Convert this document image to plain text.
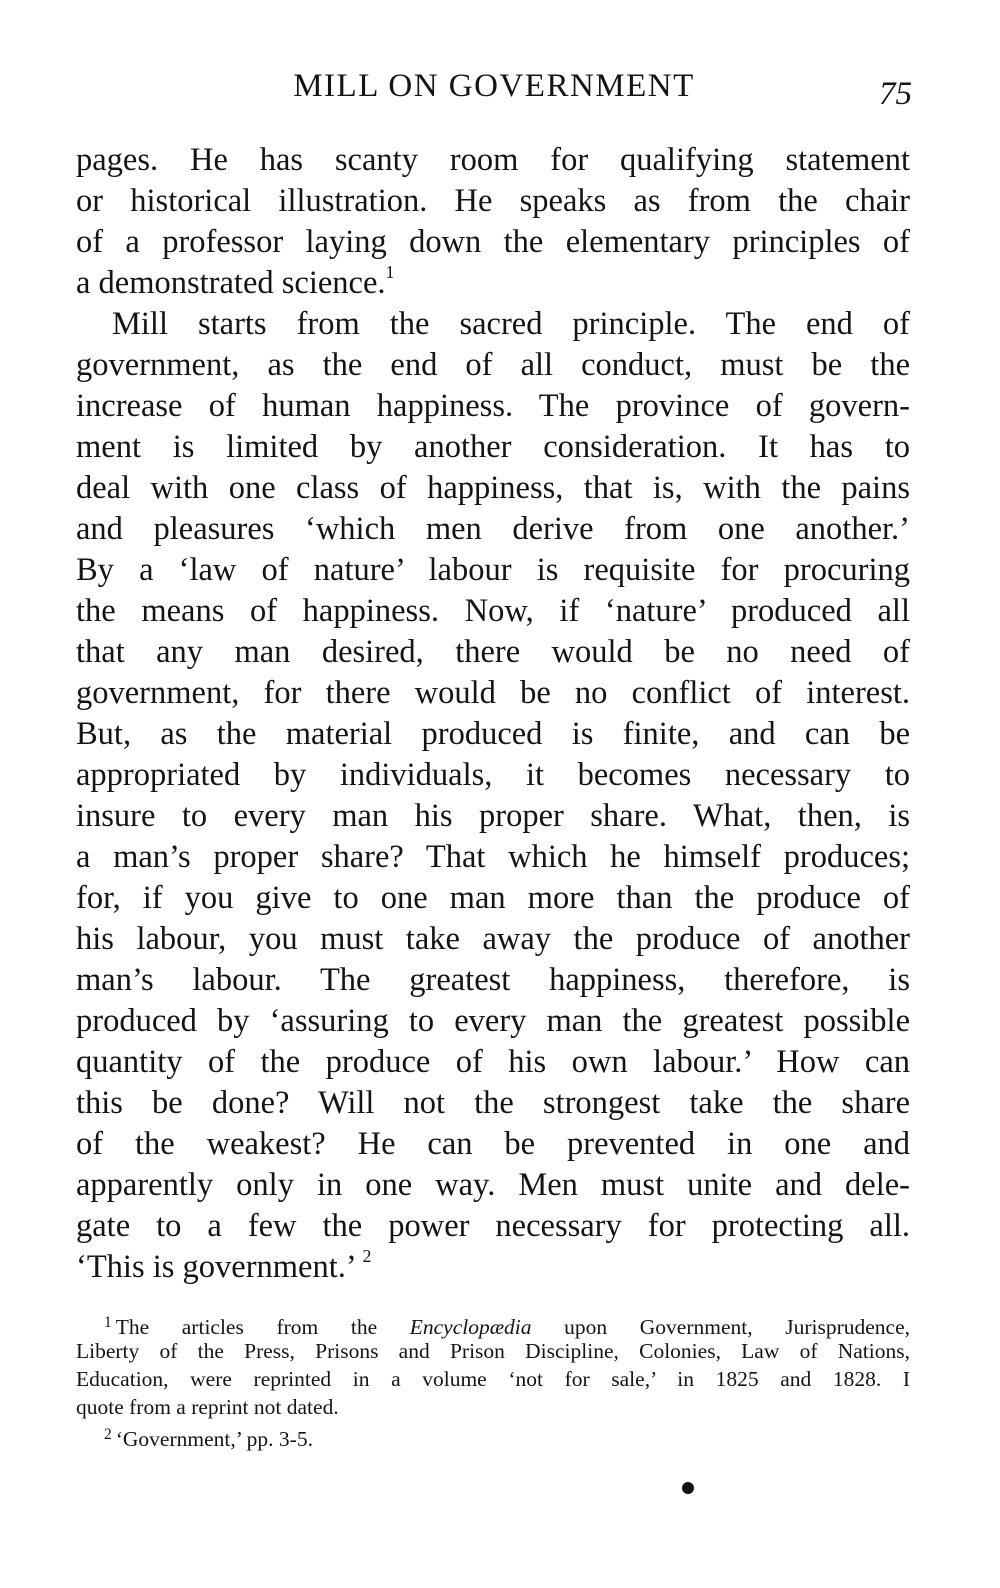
MILL ON GOVERNMENT	75
pages. He has scanty room for qualifying statement
or historical illustration. He speaks as from the chair
of a professor laying down the elementary principles of
a demonstrated science.$^1$
Mill starts from the sacred principle. The end of
government, as the end of all conduct, must be the
increase of human happiness. The province of govern-
ment is limited by another consideration. It has to
deal with one class of happiness, that is, with the pains
and pleasures ‘which men derive from one another.’
By a ‘law of nature’ labour is requisite for procuring
the means of happiness. Now, if ‘nature’ produced all
that any man desired, there would be no need of
government, for there would be no conflict of interest.
But, as the material produced is finite, and can be
appropriated by individuals, it becomes necessary to
insure to every man his proper share. What, then, is
a man’s proper share? That which he himself produces;
for, if you give to one man more than the produce of
his labour, you must take away the produce of another
man’s labour. The greatest happiness, therefore, is
produced by ‘assuring to every man the greatest possible
quantity of the produce of his own labour.’ How can
this be done? Will not the strongest take the share
of the weakest? He can be prevented in one and
apparently only in one way. Men must unite and dele-
gate to a few the power necessary for protecting all.
‘This is government.’ $^2$
$^1$ The articles from the Encyclopædia upon Government, Jurisprudence,
Liberty of the Press, Prisons and Prison Discipline, Colonies, Law of Nations,
Education, were reprinted in a volume ‘not for sale,’ in 1825 and 1828. I
quote from a reprint not dated.
$^2$ ‘Government,’ pp. 3-5.
